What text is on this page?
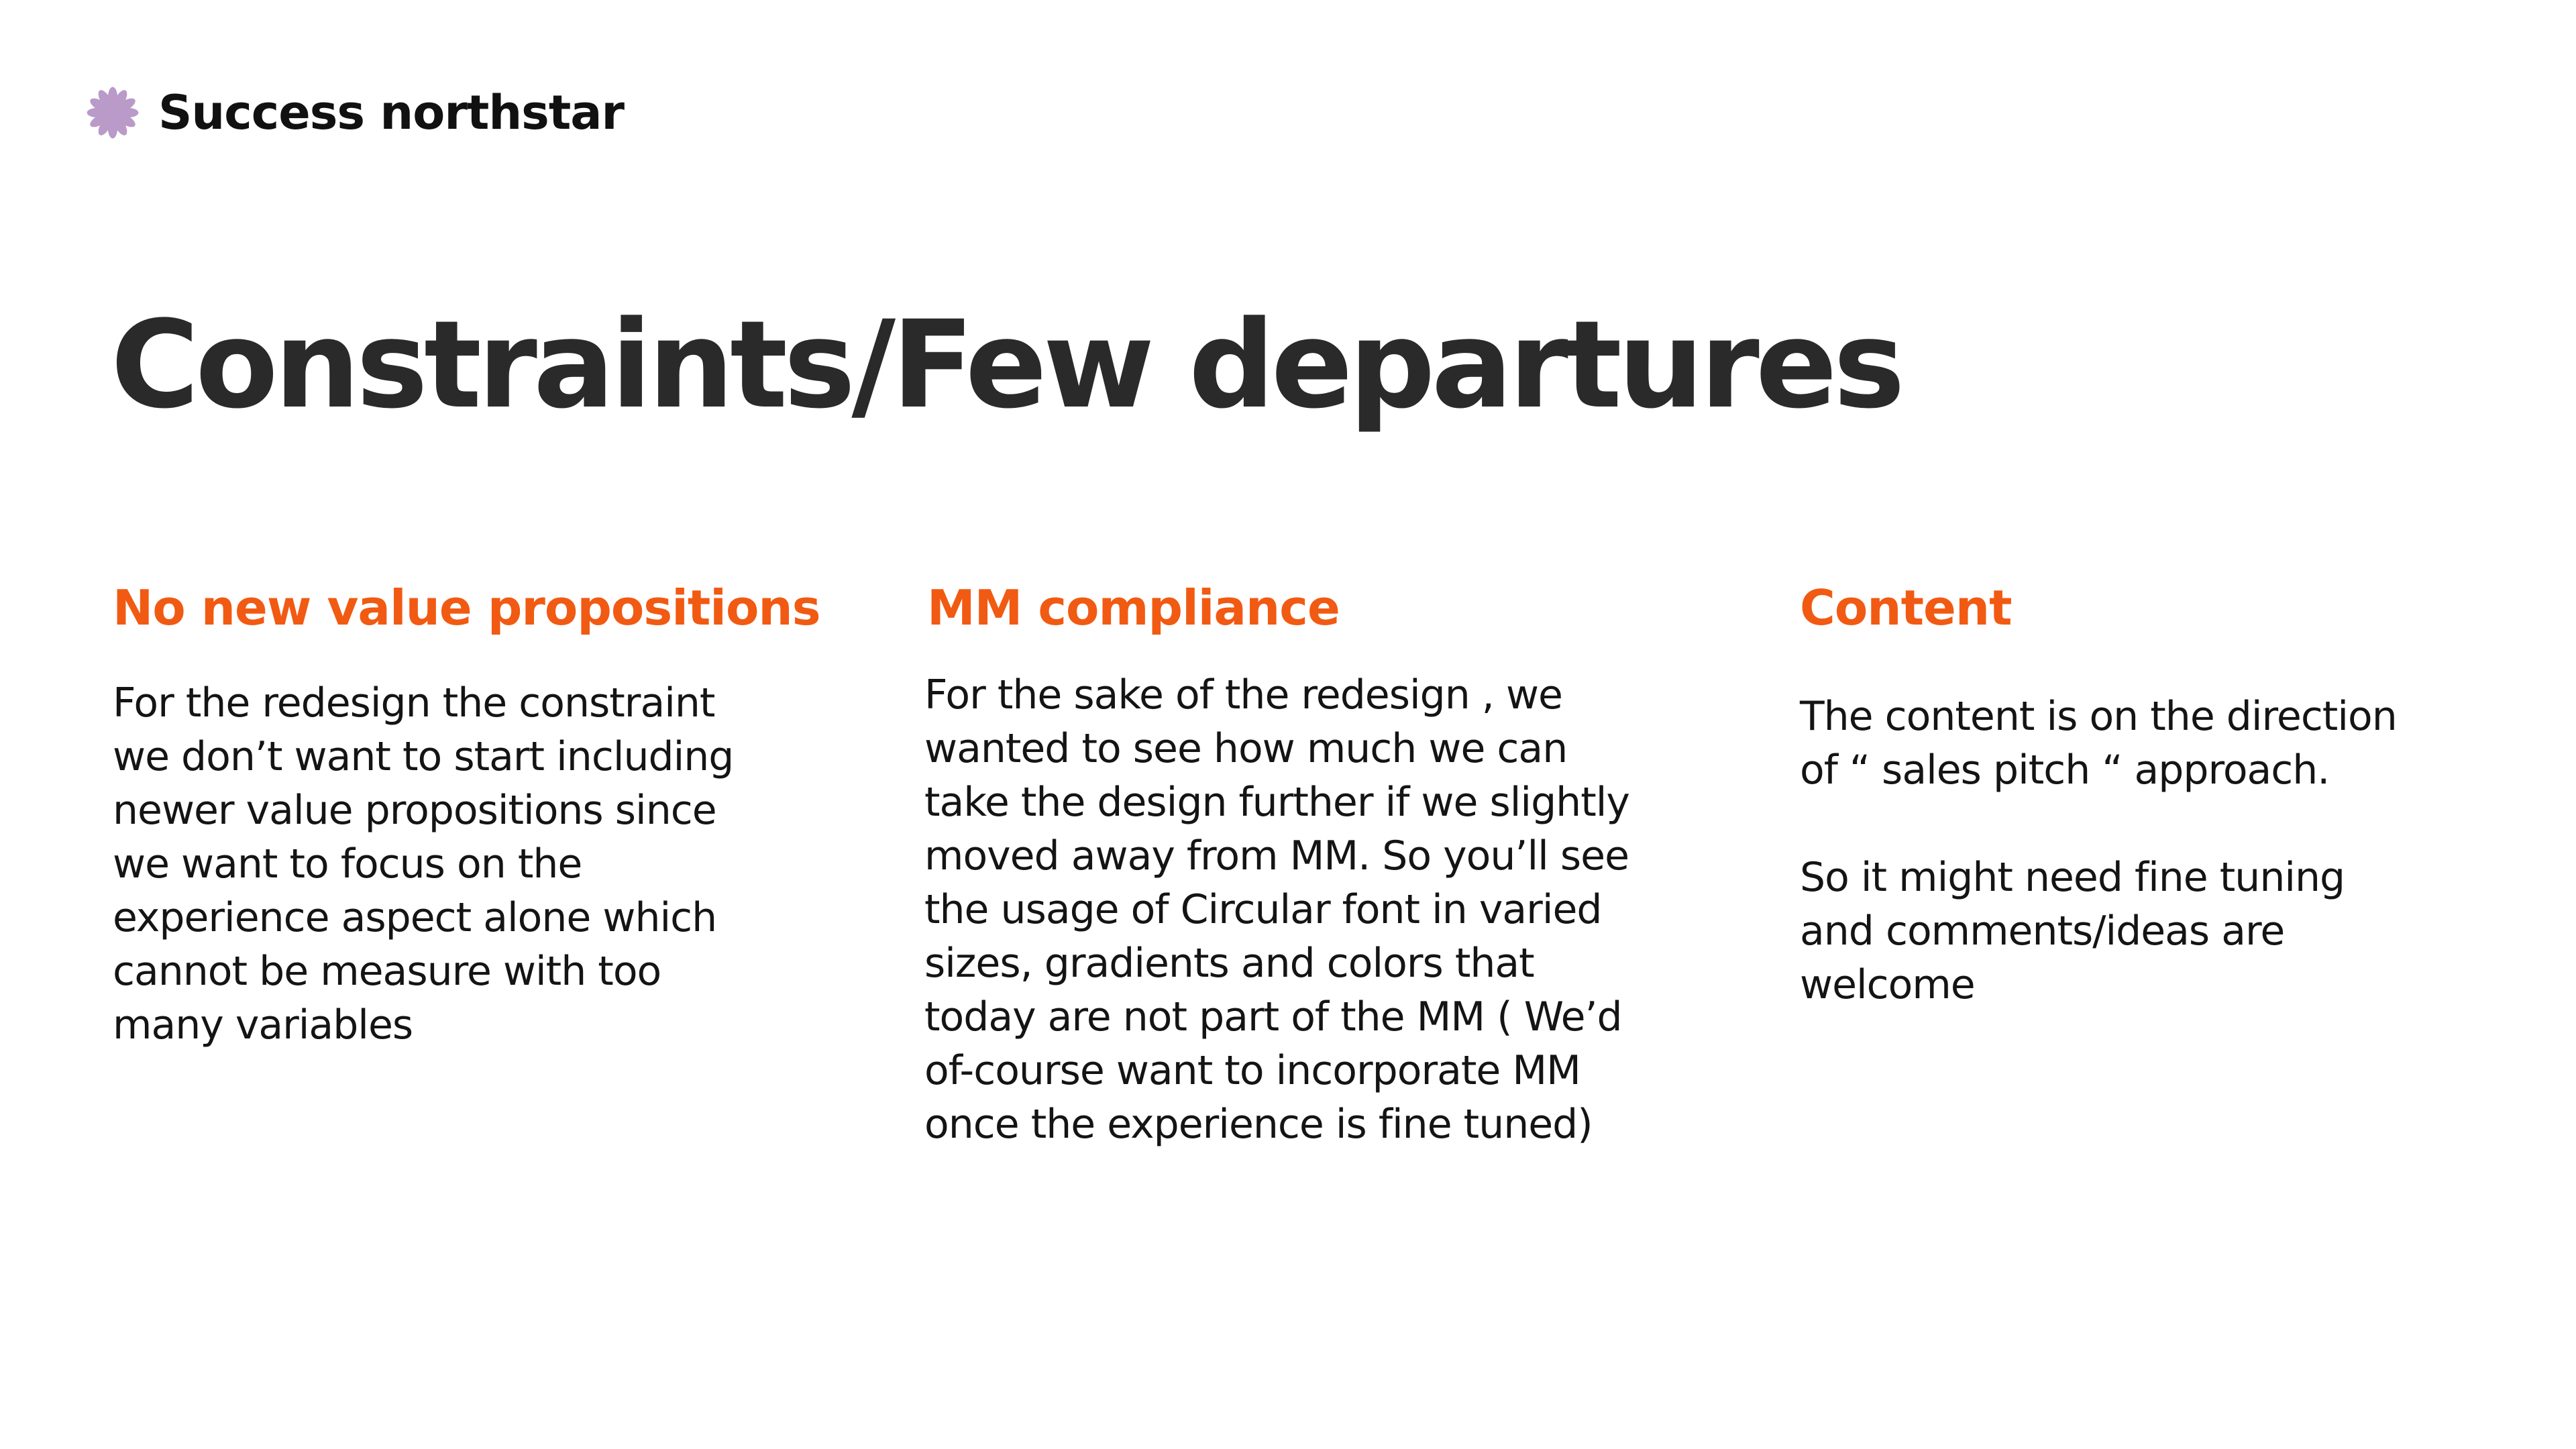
Success northstar
Constraints/Few departures
No new value propositions

For the redesign the constraint
we don’t want to start including
newer value propositions since
we want to focus on the
experience aspect alone which
cannot be measure with too
many variables

MM compliance

For the sake of the redesign , we
wanted to see how much we can
take the design further if we slightly
moved away from MM. So you’ll see
the usage of Circular font in varied
sizes, gradients and colors that
today are not part of the MM ( We’d
of-course want to incorporate MM
once the experience is fine tuned)

Content

The content is on the direction
of “ sales pitch “ approach.

So it might need fine tuning
and comments/ideas are
welcome
